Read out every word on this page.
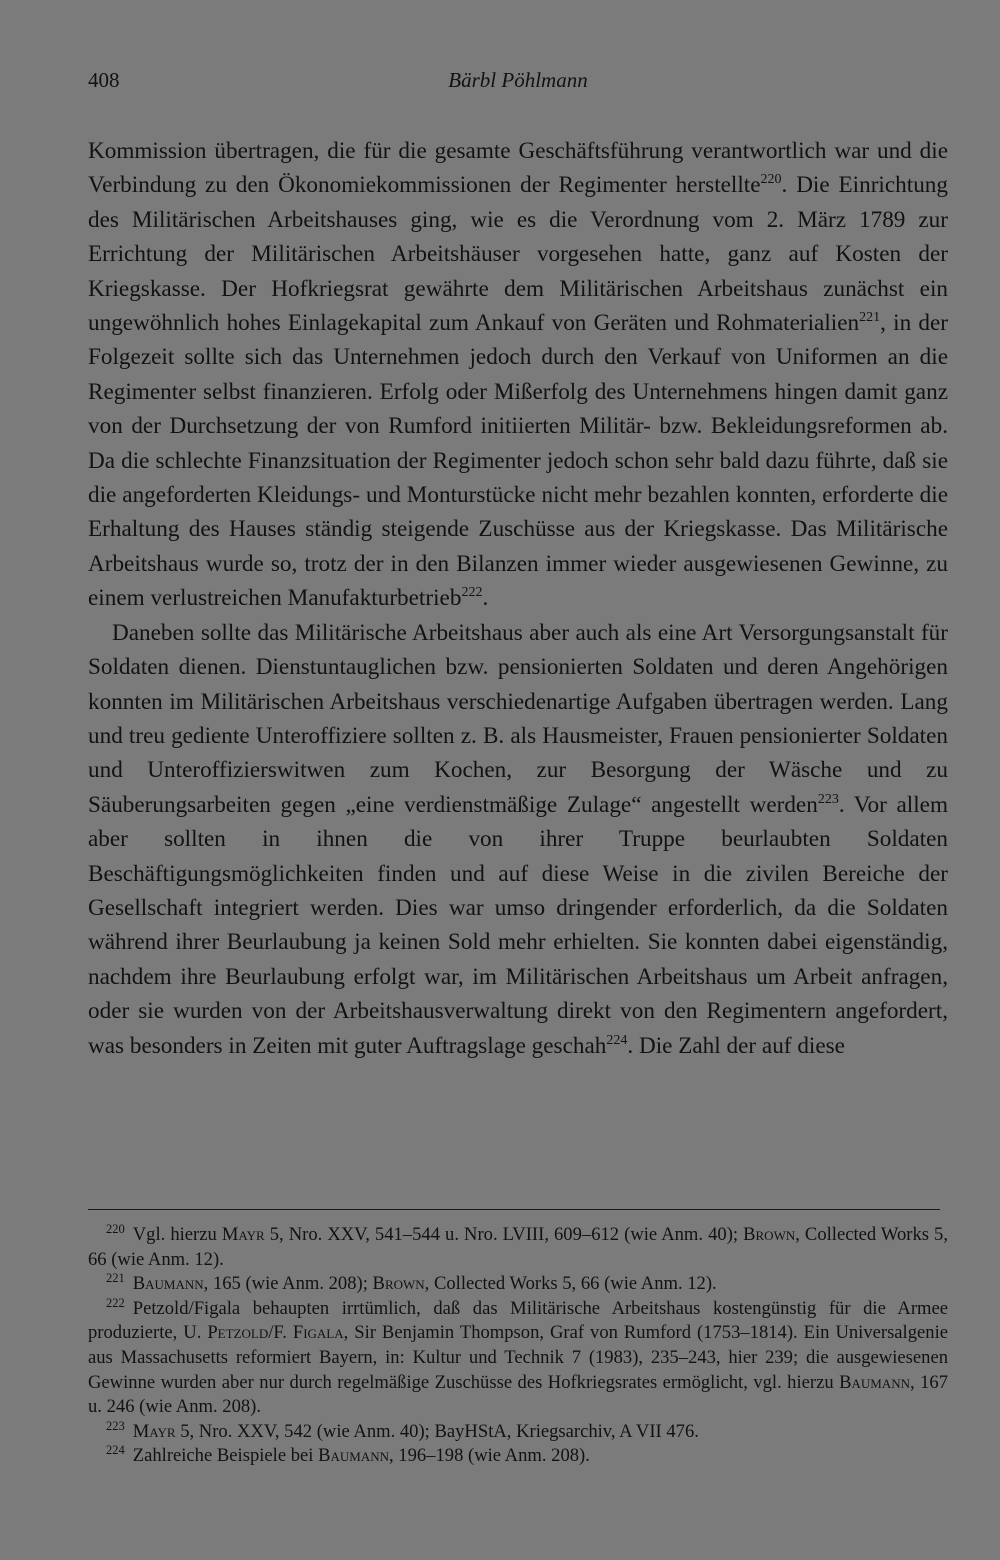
408	Bärbl Pöhlmann

Kommission übertragen, die für die gesamte Geschäftsführung verantwortlich war und die Verbindung zu den Ökonomiekommissionen der Regimenter herstellte$^{220}$. Die Einrichtung des Militärischen Arbeitshauses ging, wie es die Verordnung vom 2. März 1789 zur Errichtung der Militärischen Arbeitshäuser vorgesehen hatte, ganz auf Kosten der Kriegskasse. Der Hofkriegsrat gewährte dem Militärischen Arbeitshaus zunächst ein ungewöhnlich hohes Einlagekapital zum Ankauf von Geräten und Rohmaterialien$^{221}$, in der Folgezeit sollte sich das Unternehmen jedoch durch den Verkauf von Uniformen an die Regimenter selbst finanzieren. Erfolg oder Mißerfolg des Unternehmens hingen damit ganz von der Durchsetzung der von Rumford initiierten Militär- bzw. Bekleidungsreformen ab. Da die schlechte Finanzsituation der Regimenter jedoch schon sehr bald dazu führte, daß sie die angeforderten Kleidungs- und Monturstücke nicht mehr bezahlen konnten, erforderte die Erhaltung des Hauses ständig steigende Zuschüsse aus der Kriegskasse. Das Militärische Arbeitshaus wurde so, trotz der in den Bilanzen immer wieder ausgewiesenen Gewinne, zu einem verlustreichen Manufakturbetrieb$^{222}$.

Daneben sollte das Militärische Arbeitshaus aber auch als eine Art Versorgungsanstalt für Soldaten dienen. Dienstuntauglichen bzw. pensionierten Soldaten und deren Angehörigen konnten im Militärischen Arbeitshaus verschiedenartige Aufgaben übertragen werden. Lang und treu gediente Unteroffiziere sollten z. B. als Hausmeister, Frauen pensionierter Soldaten und Unteroffizierswitwen zum Kochen, zur Besorgung der Wäsche und zu Säuberungsarbeiten gegen „eine verdienstmäßige Zulage“ angestellt werden$^{223}$. Vor allem aber sollten in ihnen die von ihrer Truppe beurlaubten Soldaten Beschäftigungsmöglichkeiten finden und auf diese Weise in die zivilen Bereiche der Gesellschaft integriert werden. Dies war umso dringender erforderlich, da die Soldaten während ihrer Beurlaubung ja keinen Sold mehr erhielten. Sie konnten dabei eigenständig, nachdem ihre Beurlaubung erfolgt war, im Militärischen Arbeitshaus um Arbeit anfragen, oder sie wurden von der Arbeitshausverwaltung direkt von den Regimentern angefordert, was besonders in Zeiten mit guter Auftragslage geschah$^{224}$. Die Zahl der auf diese

$^{220}$ Vgl. hierzu Mayr 5, Nro. XXV, 541–544 u. Nro. LVIII, 609–612 (wie Anm. 40); Brown, Collected Works 5, 66 (wie Anm. 12).

$^{221}$ Baumann, 165 (wie Anm. 208); Brown, Collected Works 5, 66 (wie Anm. 12).

$^{222}$ Petzold/Figala behaupten irrtümlich, daß das Militärische Arbeitshaus kostengünstig für die Armee produzierte, U. Petzold/F. Figala, Sir Benjamin Thompson, Graf von Rumford (1753–1814). Ein Universalgenie aus Massachusetts reformiert Bayern, in: Kultur und Technik 7 (1983), 235–243, hier 239; die ausgewiesenen Gewinne wurden aber nur durch regelmäßige Zuschüsse des Hofkriegsrates ermöglicht, vgl. hierzu Baumann, 167 u. 246 (wie Anm. 208).

$^{223}$ Mayr 5, Nro. XXV, 542 (wie Anm. 40); BayHStA, Kriegsarchiv, A VII 476.

$^{224}$ Zahlreiche Beispiele bei Baumann, 196–198 (wie Anm. 208).
